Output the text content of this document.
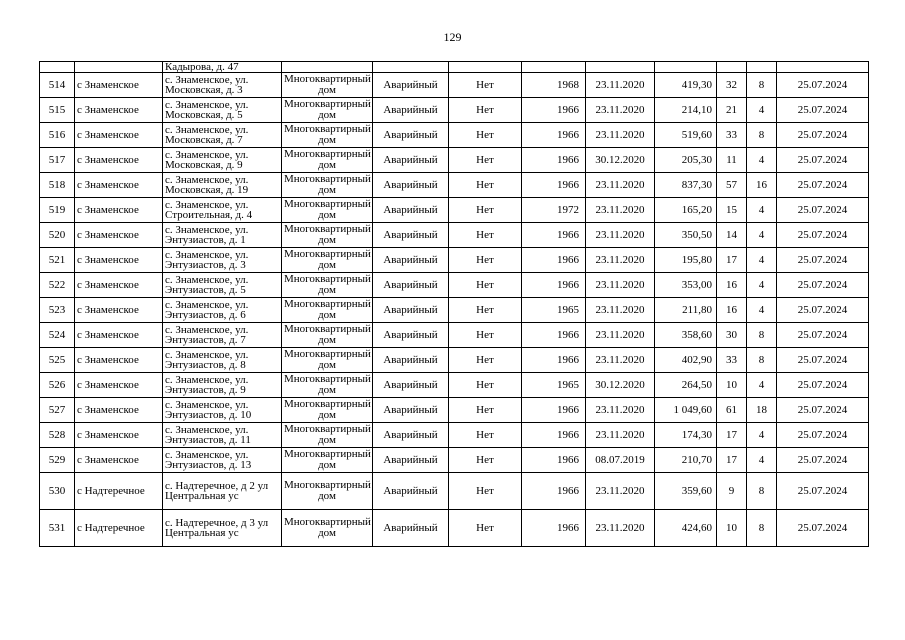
129
		Кадырова, д. 47									
514	с Знаменское	с. Знаменское, ул. Московская, д. 3	Многоквартирный дом	Аварийный	Нет	1968	23.11.2020	419,30	32	8	25.07.2024
515	с Знаменское	с. Знаменское, ул. Московская, д. 5	Многоквартирный дом	Аварийный	Нет	1966	23.11.2020	214,10	21	4	25.07.2024
516	с Знаменское	с. Знаменское, ул. Московская, д. 7	Многоквартирный дом	Аварийный	Нет	1966	23.11.2020	519,60	33	8	25.07.2024
517	с Знаменское	с. Знаменское, ул. Московская, д. 9	Многоквартирный дом	Аварийный	Нет	1966	30.12.2020	205,30	11	4	25.07.2024
518	с Знаменское	с. Знаменское, ул. Московская, д. 19	Многоквартирный дом	Аварийный	Нет	1966	23.11.2020	837,30	57	16	25.07.2024
519	с Знаменское	с. Знаменское, ул. Строительная, д. 4	Многоквартирный дом	Аварийный	Нет	1972	23.11.2020	165,20	15	4	25.07.2024
520	с Знаменское	с. Знаменское, ул. Энтузиастов, д. 1	Многоквартирный дом	Аварийный	Нет	1966	23.11.2020	350,50	14	4	25.07.2024
521	с Знаменское	с. Знаменское, ул. Энтузиастов, д. 3	Многоквартирный дом	Аварийный	Нет	1966	23.11.2020	195,80	17	4	25.07.2024
522	с Знаменское	с. Знаменское, ул. Энтузиастов, д. 5	Многоквартирный дом	Аварийный	Нет	1966	23.11.2020	353,00	16	4	25.07.2024
523	с Знаменское	с. Знаменское, ул. Энтузиастов, д. 6	Многоквартирный дом	Аварийный	Нет	1965	23.11.2020	211,80	16	4	25.07.2024
524	с Знаменское	с. Знаменское, ул. Энтузиастов, д. 7	Многоквартирный дом	Аварийный	Нет	1966	23.11.2020	358,60	30	8	25.07.2024
525	с Знаменское	с. Знаменское, ул. Энтузиастов, д. 8	Многоквартирный дом	Аварийный	Нет	1966	23.11.2020	402,90	33	8	25.07.2024
526	с Знаменское	с. Знаменское, ул. Энтузиастов, д. 9	Многоквартирный дом	Аварийный	Нет	1965	30.12.2020	264,50	10	4	25.07.2024
527	с Знаменское	с. Знаменское, ул. Энтузиастов, д. 10	Многоквартирный дом	Аварийный	Нет	1966	23.11.2020	1 049,60	61	18	25.07.2024
528	с Знаменское	с. Знаменское, ул. Энтузиастов, д. 11	Многоквартирный дом	Аварийный	Нет	1966	23.11.2020	174,30	17	4	25.07.2024
529	с Знаменское	с. Знаменское, ул. Энтузиастов, д. 13	Многоквартирный дом	Аварийный	Нет	1966	08.07.2019	210,70	17	4	25.07.2024
530	с Надтеречное	с. Надтеречное, д 2 ул Центральная ус	Многоквартирный дом	Аварийный	Нет	1966	23.11.2020	359,60	9	8	25.07.2024
531	с Надтеречное	с. Надтеречное, д 3 ул Центральная ус	Многоквартирный дом	Аварийный	Нет	1966	23.11.2020	424,60	10	8	25.07.2024
